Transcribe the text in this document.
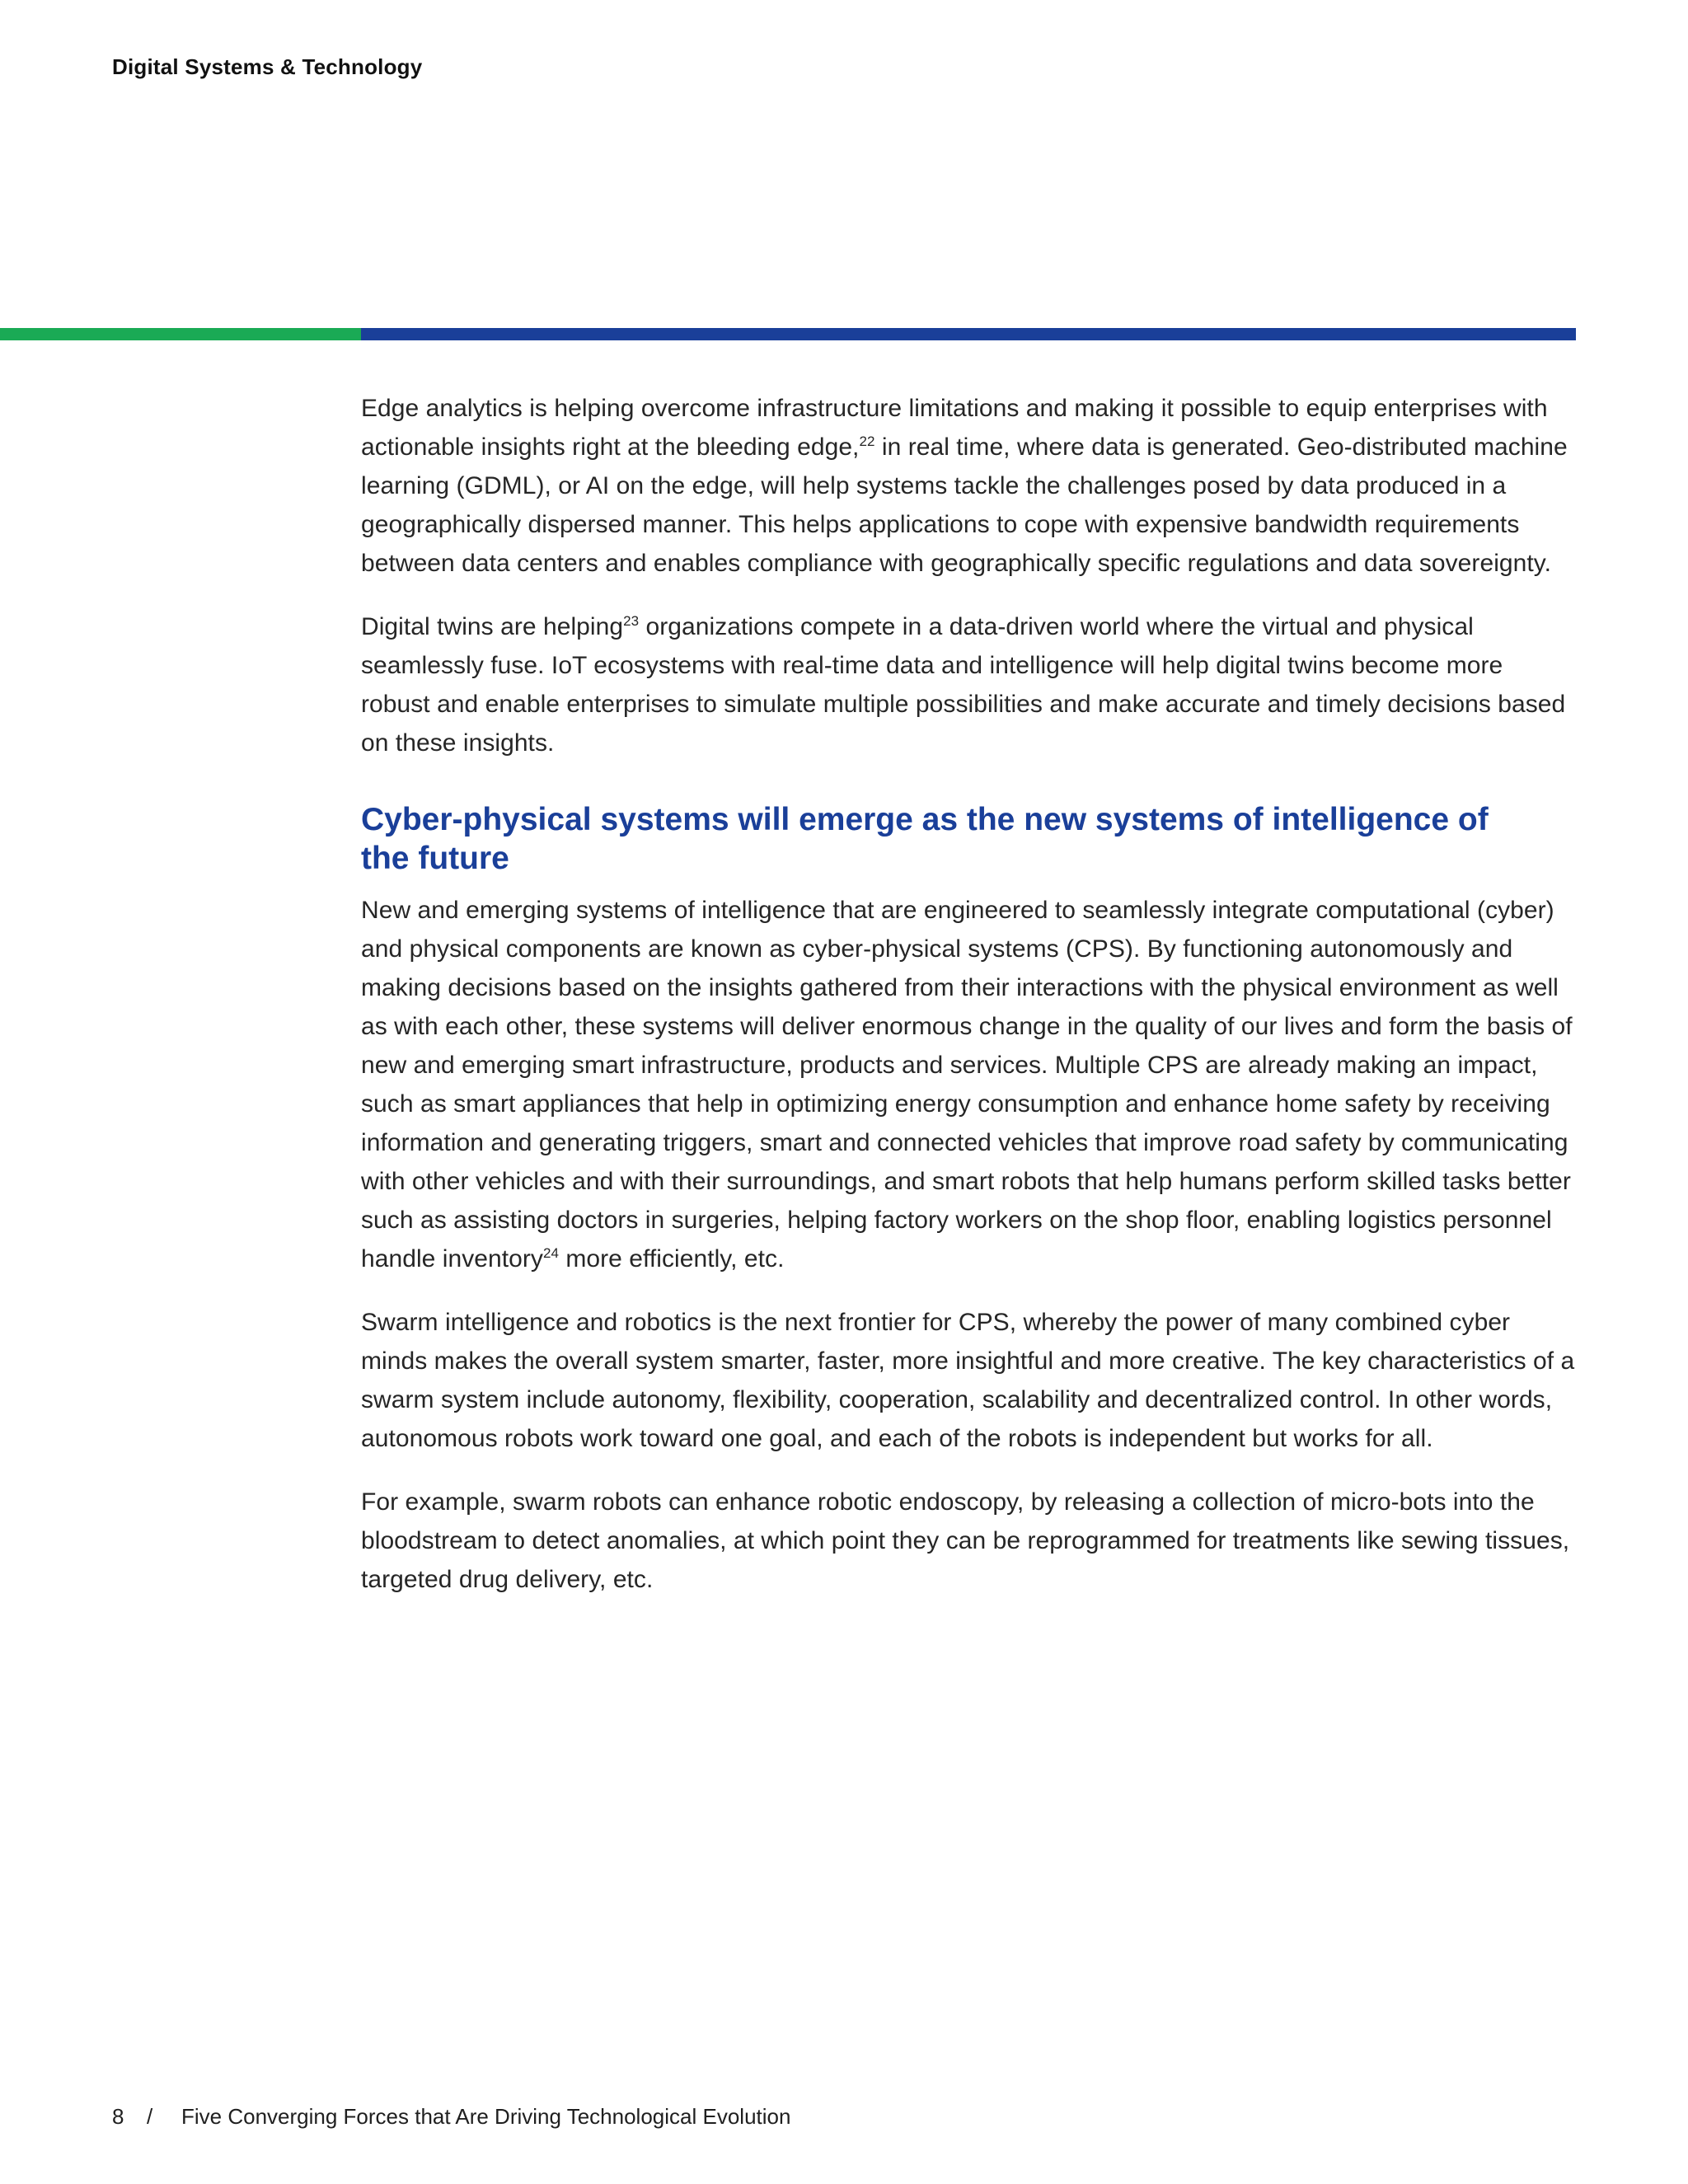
Digital Systems & Technology

Edge analytics is helping overcome infrastructure limitations and making it possible to equip enterprises with actionable insights right at the bleeding edge,$^{22}$ in real time, where data is generated. Geo-distributed machine learning (GDML), or AI on the edge, will help systems tackle the challenges posed by data produced in a geographically dispersed manner. This helps applications to cope with expensive bandwidth requirements between data centers and enables compliance with geographically specific regulations and data sovereignty.

Digital twins are helping$^{23}$ organizations compete in a data-driven world where the virtual and physical seamlessly fuse. IoT ecosystems with real-time data and intelligence will help digital twins become more robust and enable enterprises to simulate multiple possibilities and make accurate and timely decisions based on these insights.

Cyber-physical systems will emerge as the new systems of intelligence of the future

New and emerging systems of intelligence that are engineered to seamlessly integrate computational (cyber) and physical components are known as cyber-physical systems (CPS). By functioning autonomously and making decisions based on the insights gathered from their interactions with the physical environment as well as with each other, these systems will deliver enormous change in the quality of our lives and form the basis of new and emerging smart infrastructure, products and services. Multiple CPS are already making an impact, such as smart appliances that help in optimizing energy consumption and enhance home safety by receiving information and generating triggers, smart and connected vehicles that improve road safety by communicating with other vehicles and with their surroundings, and smart robots that help humans perform skilled tasks better such as assisting doctors in surgeries, helping factory workers on the shop floor, enabling logistics personnel handle inventory$^{24}$ more efficiently, etc.

Swarm intelligence and robotics is the next frontier for CPS, whereby the power of many combined cyber minds makes the overall system smarter, faster, more insightful and more creative. The key characteristics of a swarm system include autonomy, flexibility, cooperation, scalability and decentralized control. In other words, autonomous robots work toward one goal, and each of the robots is independent but works for all.

For example, swarm robots can enhance robotic endoscopy, by releasing a collection of micro-bots into the bloodstream to detect anomalies, at which point they can be reprogrammed for treatments like sewing tissues, targeted drug delivery, etc.

8	/	Five Converging Forces that Are Driving Technological Evolution
